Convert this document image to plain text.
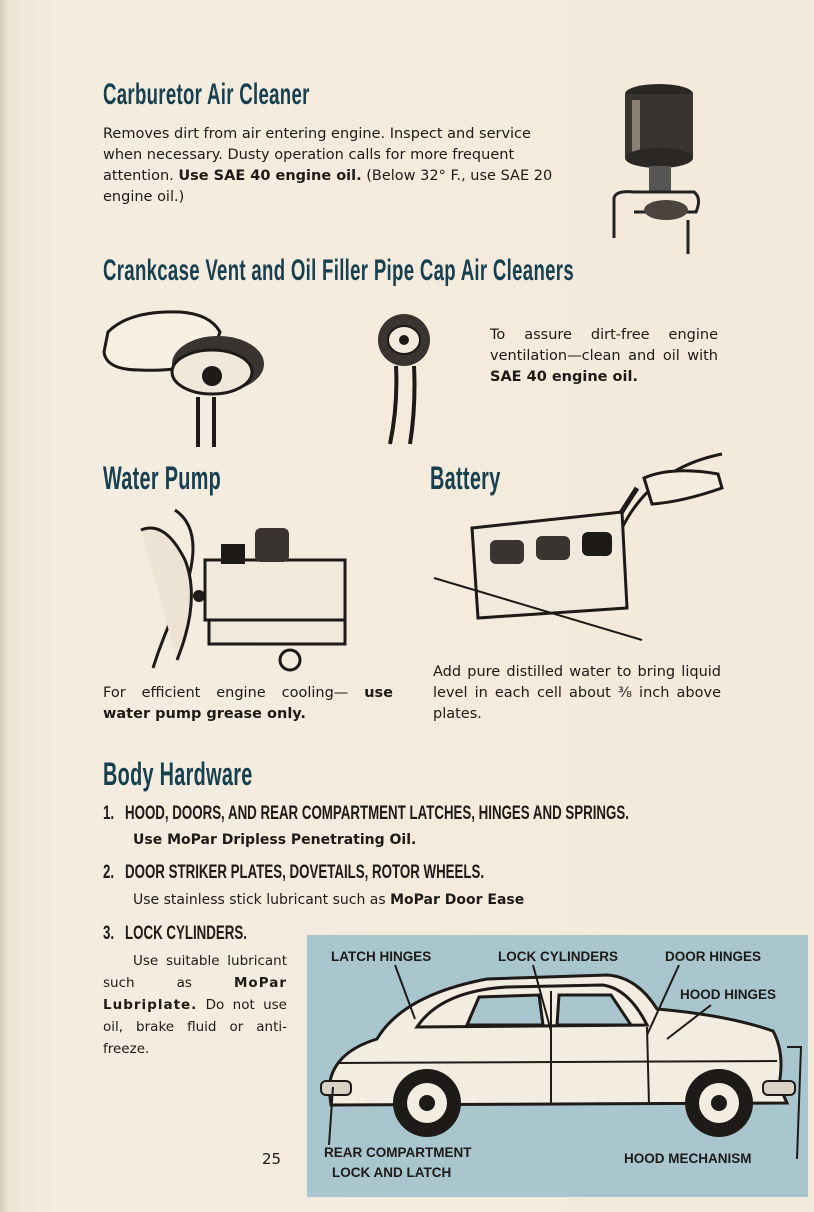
Carburetor Air Cleaner
Removes dirt from air entering engine. Inspect and service when necessary. Dusty operation calls for more frequent attention. Use SAE 40 engine oil. (Below 32° F., use SAE 20 engine oil.)
Crankcase Vent and Oil Filler Pipe Cap Air Cleaners
To assure dirt-free engine ventilation—clean and oil with SAE 40 engine oil.
Water Pump
For efficient engine cooling— use water pump grease only.
Battery
Add pure distilled water to bring liquid level in each cell about ⅜ inch above plates.
Body Hardware
1. HOOD, DOORS, AND REAR COMPARTMENT LATCHES, HINGES AND SPRINGS.
Use MoPar Dripless Penetrating Oil.
2. DOOR STRIKER PLATES, DOVETAILS, ROTOR WHEELS.
Use stainless stick lubricant such as MoPar Door Ease
3. LOCK CYLINDERS.
Use suitable lubricant such as	MoPar Lubriplate. Do not use oil, brake fluid or anti-freeze.
25
LATCH HINGES	LOCK CYLINDERS	DOOR HINGES
HOOD HINGES
REAR COMPARTMENT
LOCK AND LATCH
HOOD MECHANISM
